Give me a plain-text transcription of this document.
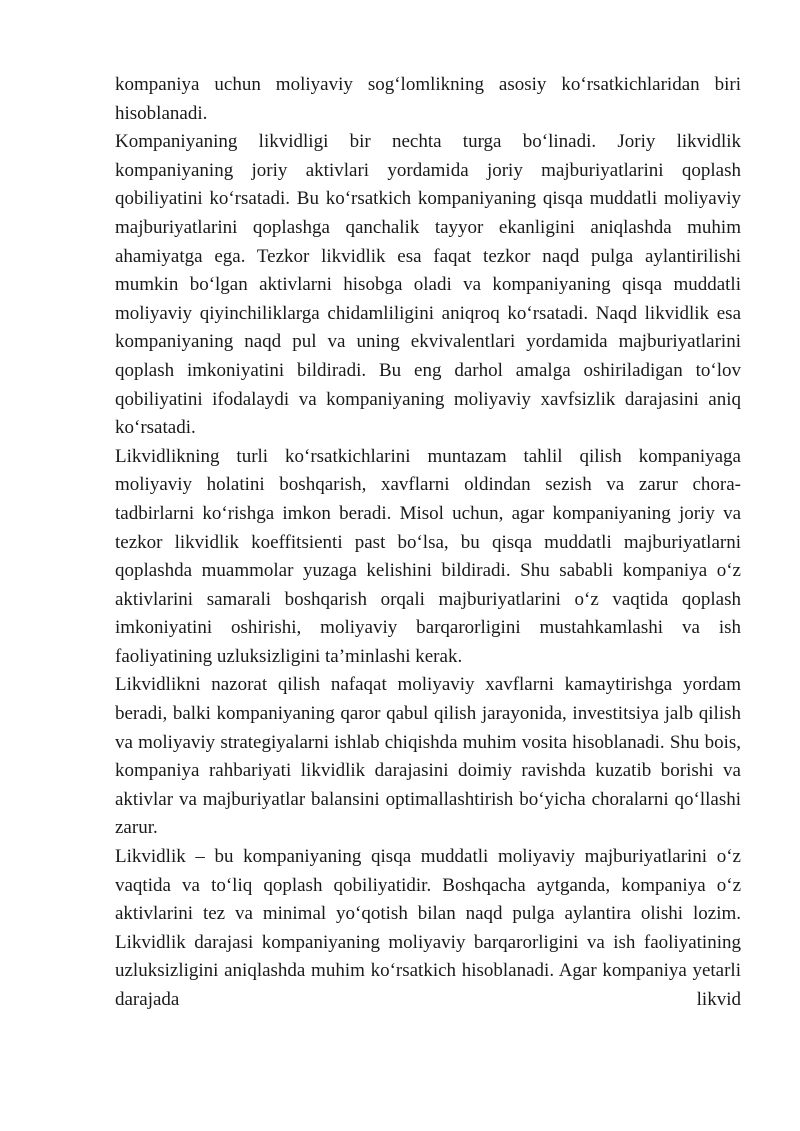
kompaniya uchun moliyaviy sogʻlomlikning asosiy koʻrsatkichlaridan biri hisoblanadi.

Kompaniyaning likvidligi bir nechta turga boʻlinadi. Joriy likvidlik kompaniyaning joriy aktivlari yordamida joriy majburiyatlarini qoplash qobiliyatini koʻrsatadi. Bu koʻrsatkich kompaniyaning qisqa muddatli moliyaviy majburiyatlarini qoplashga qanchalik tayyor ekanligini aniqlashda muhim ahamiyatga ega. Tezkor likvidlik esa faqat tezkor naqd pulga aylantirilishi mumkin boʻlgan aktivlarni hisobga oladi va kompaniyaning qisqa muddatli moliyaviy qiyinchiliklarga chidamliligini aniqroq koʻrsatadi. Naqd likvidlik esa kompaniyaning naqd pul va uning ekvivalentlari yordamida majburiyatlarini qoplash imkoniyatini bildiradi. Bu eng darhol amalga oshiriladigan toʻlov qobiliyatini ifodalaydi va kompaniyaning moliyaviy xavfsizlik darajasini aniq koʻrsatadi.

Likvidlikning turli koʻrsatkichlarini muntazam tahlil qilish kompaniyaga moliyaviy holatini boshqarish, xavflarni oldindan sezish va zarur chora-tadbirlarni koʻrishga imkon beradi. Misol uchun, agar kompaniyaning joriy va tezkor likvidlik koeffitsienti past boʻlsa, bu qisqa muddatli majburiyatlarni qoplashda muammolar yuzaga kelishini bildiradi. Shu sababli kompaniya oʻz aktivlarini samarali boshqarish orqali majburiyatlarini oʻz vaqtida qoplash imkoniyatini oshirishi, moliyaviy barqarorligini mustahkamlashi va ish faoliyatining uzluksizligini taʼminlashi kerak.

Likvidlikni nazorat qilish nafaqat moliyaviy xavflarni kamaytirishga yordam beradi, balki kompaniyaning qaror qabul qilish jarayonida, investitsiya jalb qilish va moliyaviy strategiyalarni ishlab chiqishda muhim vosita hisoblanadi. Shu bois, kompaniya rahbariyati likvidlik darajasini doimiy ravishda kuzatib borishi va aktivlar va majburiyatlar balansini optimallashtirish boʻyicha choralarni qoʻllashi zarur.

Likvidlik – bu kompaniyaning qisqa muddatli moliyaviy majburiyatlarini oʻz vaqtida va toʻliq qoplash qobiliyatidir. Boshqacha aytganda, kompaniya oʻz aktivlarini tez va minimal yoʻqotish bilan naqd pulga aylantira olishi lozim. Likvidlik darajasi kompaniyaning moliyaviy barqarorligini va ish faoliyatining uzluksizligini aniqlashda muhim koʻrsatkich hisoblanadi. Agar kompaniya yetarli darajada likvid
